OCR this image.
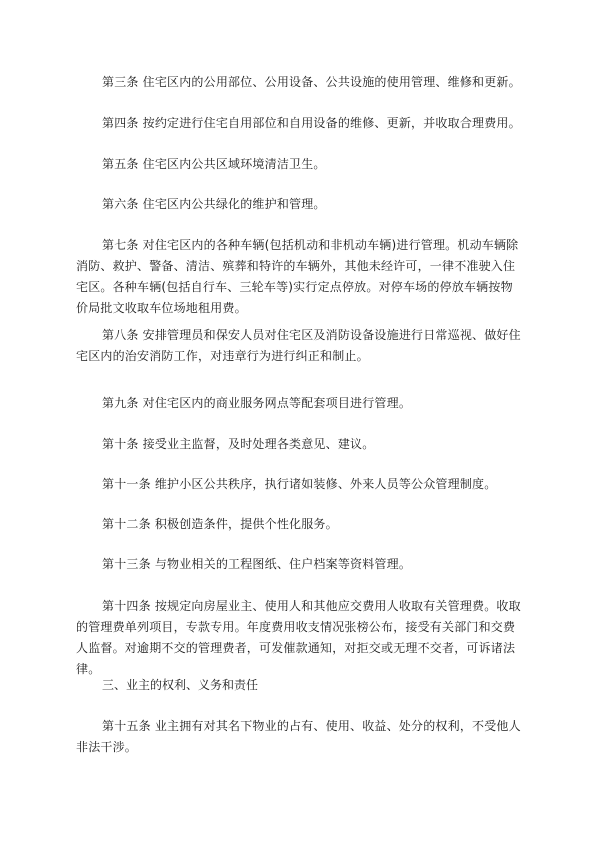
第三条 住宅区内的公用部位、公用设备、公共设施的使用管理、维修和更新。

第四条 按约定进行住宅自用部位和自用设备的维修、更新，并收取合理费用。

第五条 住宅区内公共区域环境清洁卫生。

第六条 住宅区内公共绿化的维护和管理。

第七条 对住宅区内的各种车辆(包括机动和非机动车辆)进行管理。机动车辆除消防、救护、警备、清洁、殡葬和特许的车辆外，其他未经许可，一律不准驶入住宅区。各种车辆(包括自行车、三轮车等)实行定点停放。对停车场的停放车辆按物价局批文收取车位场地租用费。

第八条 安排管理员和保安人员对住宅区及消防设备设施进行日常巡视、做好住宅区内的治安消防工作，对违章行为进行纠正和制止。

第九条 对住宅区内的商业服务网点等配套项目进行管理。

第十条 接受业主监督，及时处理各类意见、建议。

第十一条 维护小区公共秩序，执行诸如装修、外来人员等公众管理制度。

第十二条 积极创造条件，提供个性化服务。

第十三条 与物业相关的工程图纸、住户档案等资料管理。

第十四条 按规定向房屋业主、使用人和其他应交费用人收取有关管理费。收取的管理费单列项目，专款专用。年度费用收支情况张榜公布，接受有关部门和交费人监督。对逾期不交的管理费者，可发催款通知，对拒交或无理不交者，可诉诸法律。

三、业主的权利、义务和责任

第十五条 业主拥有对其名下物业的占有、使用、收益、处分的权利，不受他人非法干涉。
